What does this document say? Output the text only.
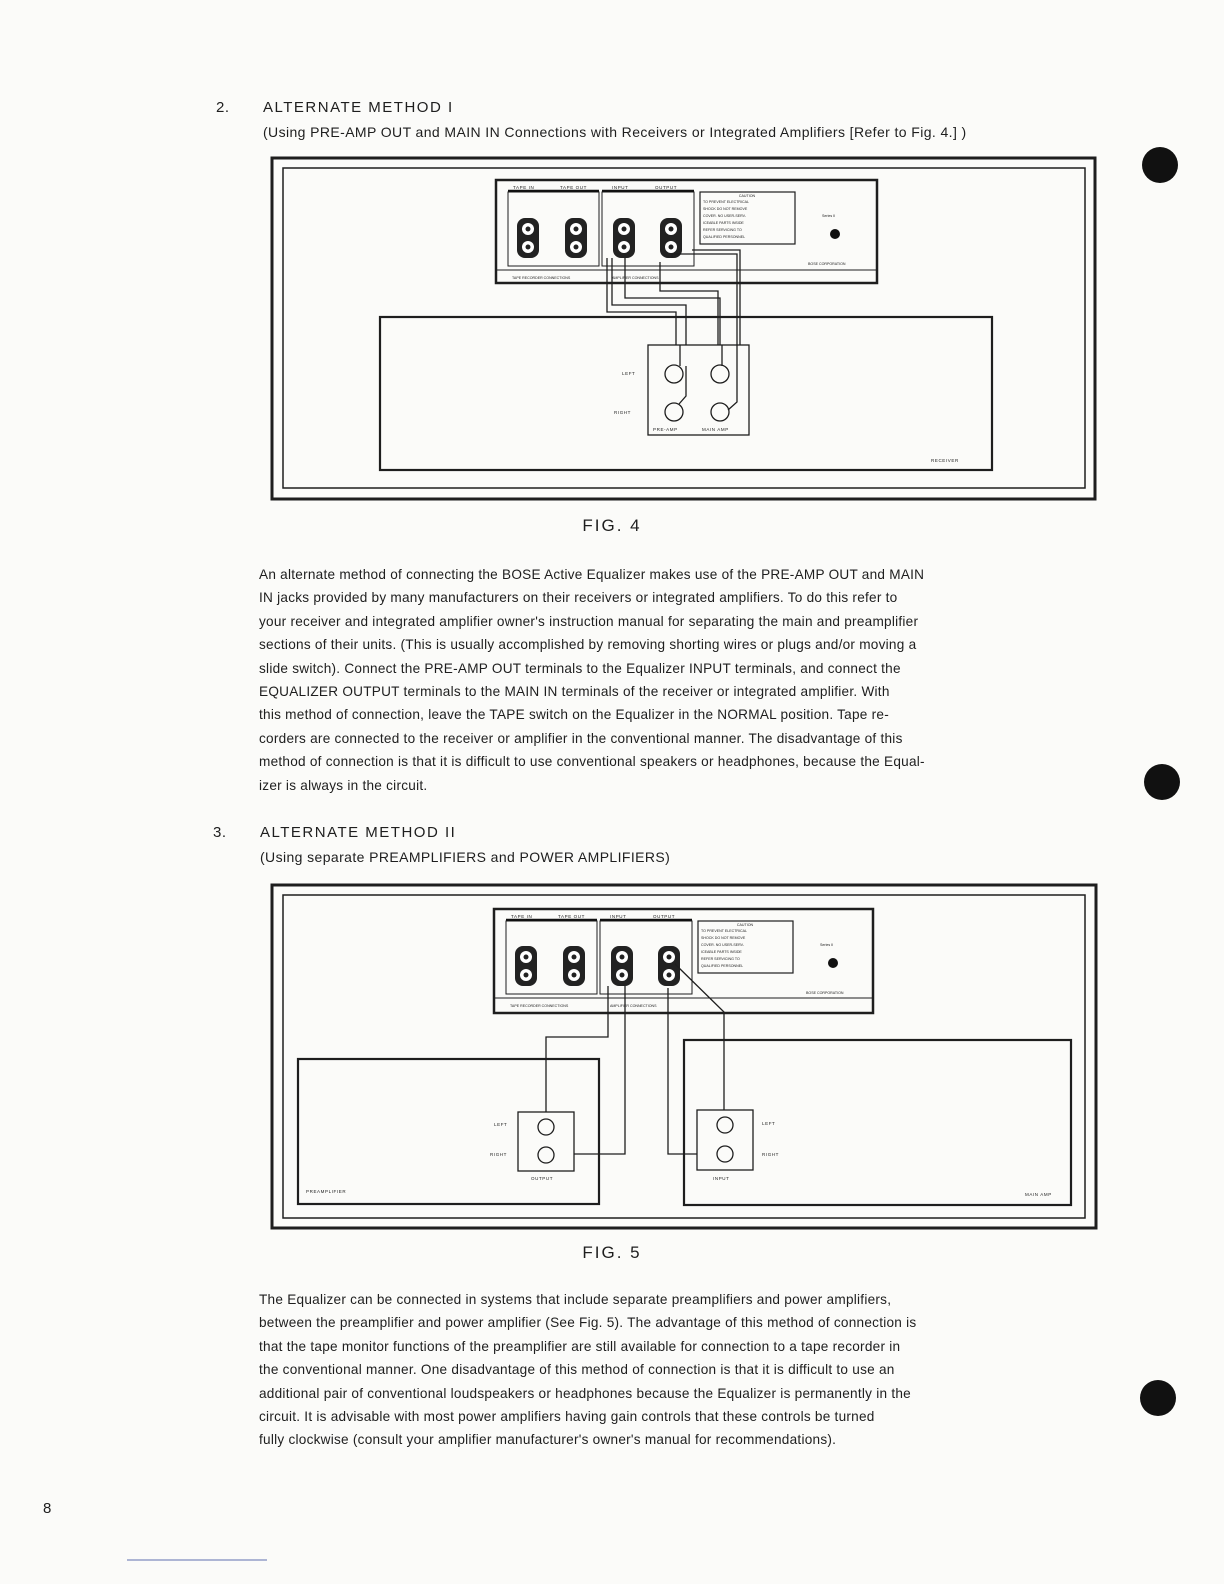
2. ALTERNATE METHOD I
(Using PRE-AMP OUT and MAIN IN Connections with Receivers or Integrated Amplifiers [Refer to Fig. 4.] )
TAPE IN	TAPE OUT	INPUT	OUTPUT
TAPE RECORDER CONNECTIONS	AMPLIFIER CONNECTIONS
CAUTION
TO PREVENT ELECTRICAL
SHOCK DO NOT REMOVE
COVER. NO USER-SERV-
ICEABLE PARTS INSIDE
REFER SERVICING TO
QUALIFIED PERSONNEL
Series II
BOSE CORPORATION
LEFT
RIGHT
PRE-AMP	MAIN AMP
RECEIVER
TAPE IN	TAPE OUT	INPUT	OUTPUT
TAPE RECORDER CONNECTIONS	AMPLIFIER CONNECTIONS
CAUTION
TO PREVENT ELECTRICAL
SHOCK DO NOT REMOVE
COVER. NO USER-SERV-
ICEABLE PARTS INSIDE
REFER SERVICING TO
QUALIFIED PERSONNEL
Series II
BOSE CORPORATION
LEFT
RIGHT
OUTPUT
PREAMPLIFIER
LEFT
RIGHT
INPUT
MAIN AMP
FIG. 4

An alternate method of connecting the BOSE Active Equalizer makes use of the PRE-AMP OUT and MAIN

IN jacks provided by many manufacturers on their receivers or integrated amplifiers. To do this refer to

your receiver and integrated amplifier owner's instruction manual for separating the main and preamplifier

sections of their units. (This is usually accomplished by removing shorting wires or plugs and/or moving a

slide switch). Connect the PRE-AMP OUT terminals to the Equalizer INPUT terminals, and connect the

EQUALIZER OUTPUT terminals to the MAIN IN terminals of the receiver or integrated amplifier. With

this method of connection, leave the TAPE switch on the Equalizer in the NORMAL position. Tape re-

corders are connected to the receiver or amplifier in the conventional manner. The disadvantage of this

method of connection is that it is difficult to use conventional speakers or headphones, because the Equal-

izer is always in the circuit.

3. ALTERNATE METHOD II
(Using separate PREAMPLIFIERS and POWER AMPLIFIERS)
FIG. 5

The Equalizer can be connected in systems that include separate preamplifiers and power amplifiers,

between the preamplifier and power amplifier (See Fig. 5). The advantage of this method of connection is

that the tape monitor functions of the preamplifier are still available for connection to a tape recorder in

the conventional manner. One disadvantage of this method of connection is that it is difficult to use an

additional pair of conventional loudspeakers or headphones because the Equalizer is permanently in the

circuit. It is advisable with most power amplifiers having gain controls that these controls be turned

fully clockwise (consult your amplifier manufacturer's owner's manual for recommendations).

8
